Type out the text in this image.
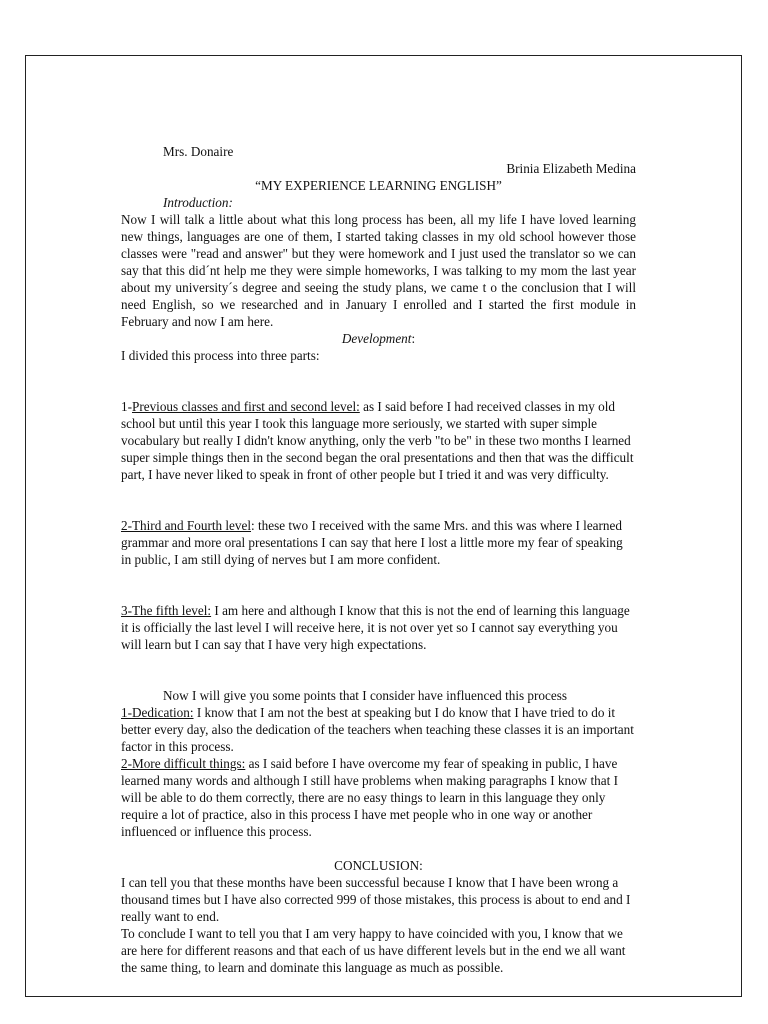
Mrs. Donaire

Brinia Elizabeth Medina

“MY EXPERIENCE LEARNING ENGLISH”

Introduction:

Now I will talk a little about what this long process has been, all my life I have loved learning new things, languages are one of them, I started taking classes in my old school however those classes were "read and answer" but they were homework and I just used the translator so we can say that this did´nt help me they were simple homeworks, I was talking to my mom the last year about my university´s degree and seeing the study plans, we came t o the conclusion that I will need English, so we researched and in January I enrolled and I started the first module in February and now I am here.

Development:

I divided this process into three parts:

1-Previous classes and first and second level: as I said before I had received classes in my old school but until this year I took this language more seriously, we started with super simple vocabulary but really I didn't know anything, only the verb "to be" in these two months I learned super simple things then in the second began the oral presentations and then that was the difficult part, I have never liked to speak in front of other people but I tried it and was very difficulty.

2-Third and Fourth level: these two I received with the same Mrs. and this was where I learned grammar and more oral presentations I can say that here I lost a little more my fear of speaking in public, I am still dying of nerves but I am more confident.

3-The fifth level: I am here and although I know that this is not the end of learning this language it is officially the last level I will receive here, it is not over yet so I cannot say everything you will learn but I can say that I have very high expectations.

Now I will give you some points that I consider have influenced this process

1-Dedication: I know that I am not the best at speaking but I do know that I have tried to do it better every day, also the dedication of the teachers when teaching these classes it is an important factor in this process.

2-More difficult things: as I said before I have overcome my fear of speaking in public, I have learned many words and although I still have problems when making paragraphs I know that I will be able to do them correctly, there are no easy things to learn in this language they only require a lot of practice, also in this process I have met people who in one way or another influenced or influence this process.

CONCLUSION:

I can tell you that these months have been successful because I know that I have been wrong a thousand times but I have also corrected 999 of those mistakes, this process is about to end and I really want to end.

To conclude I want to tell you that I am very happy to have coincided with you, I know that we are here for different reasons and that each of us have different levels but in the end we all want the same thing, to learn and dominate this language as much as possible.
